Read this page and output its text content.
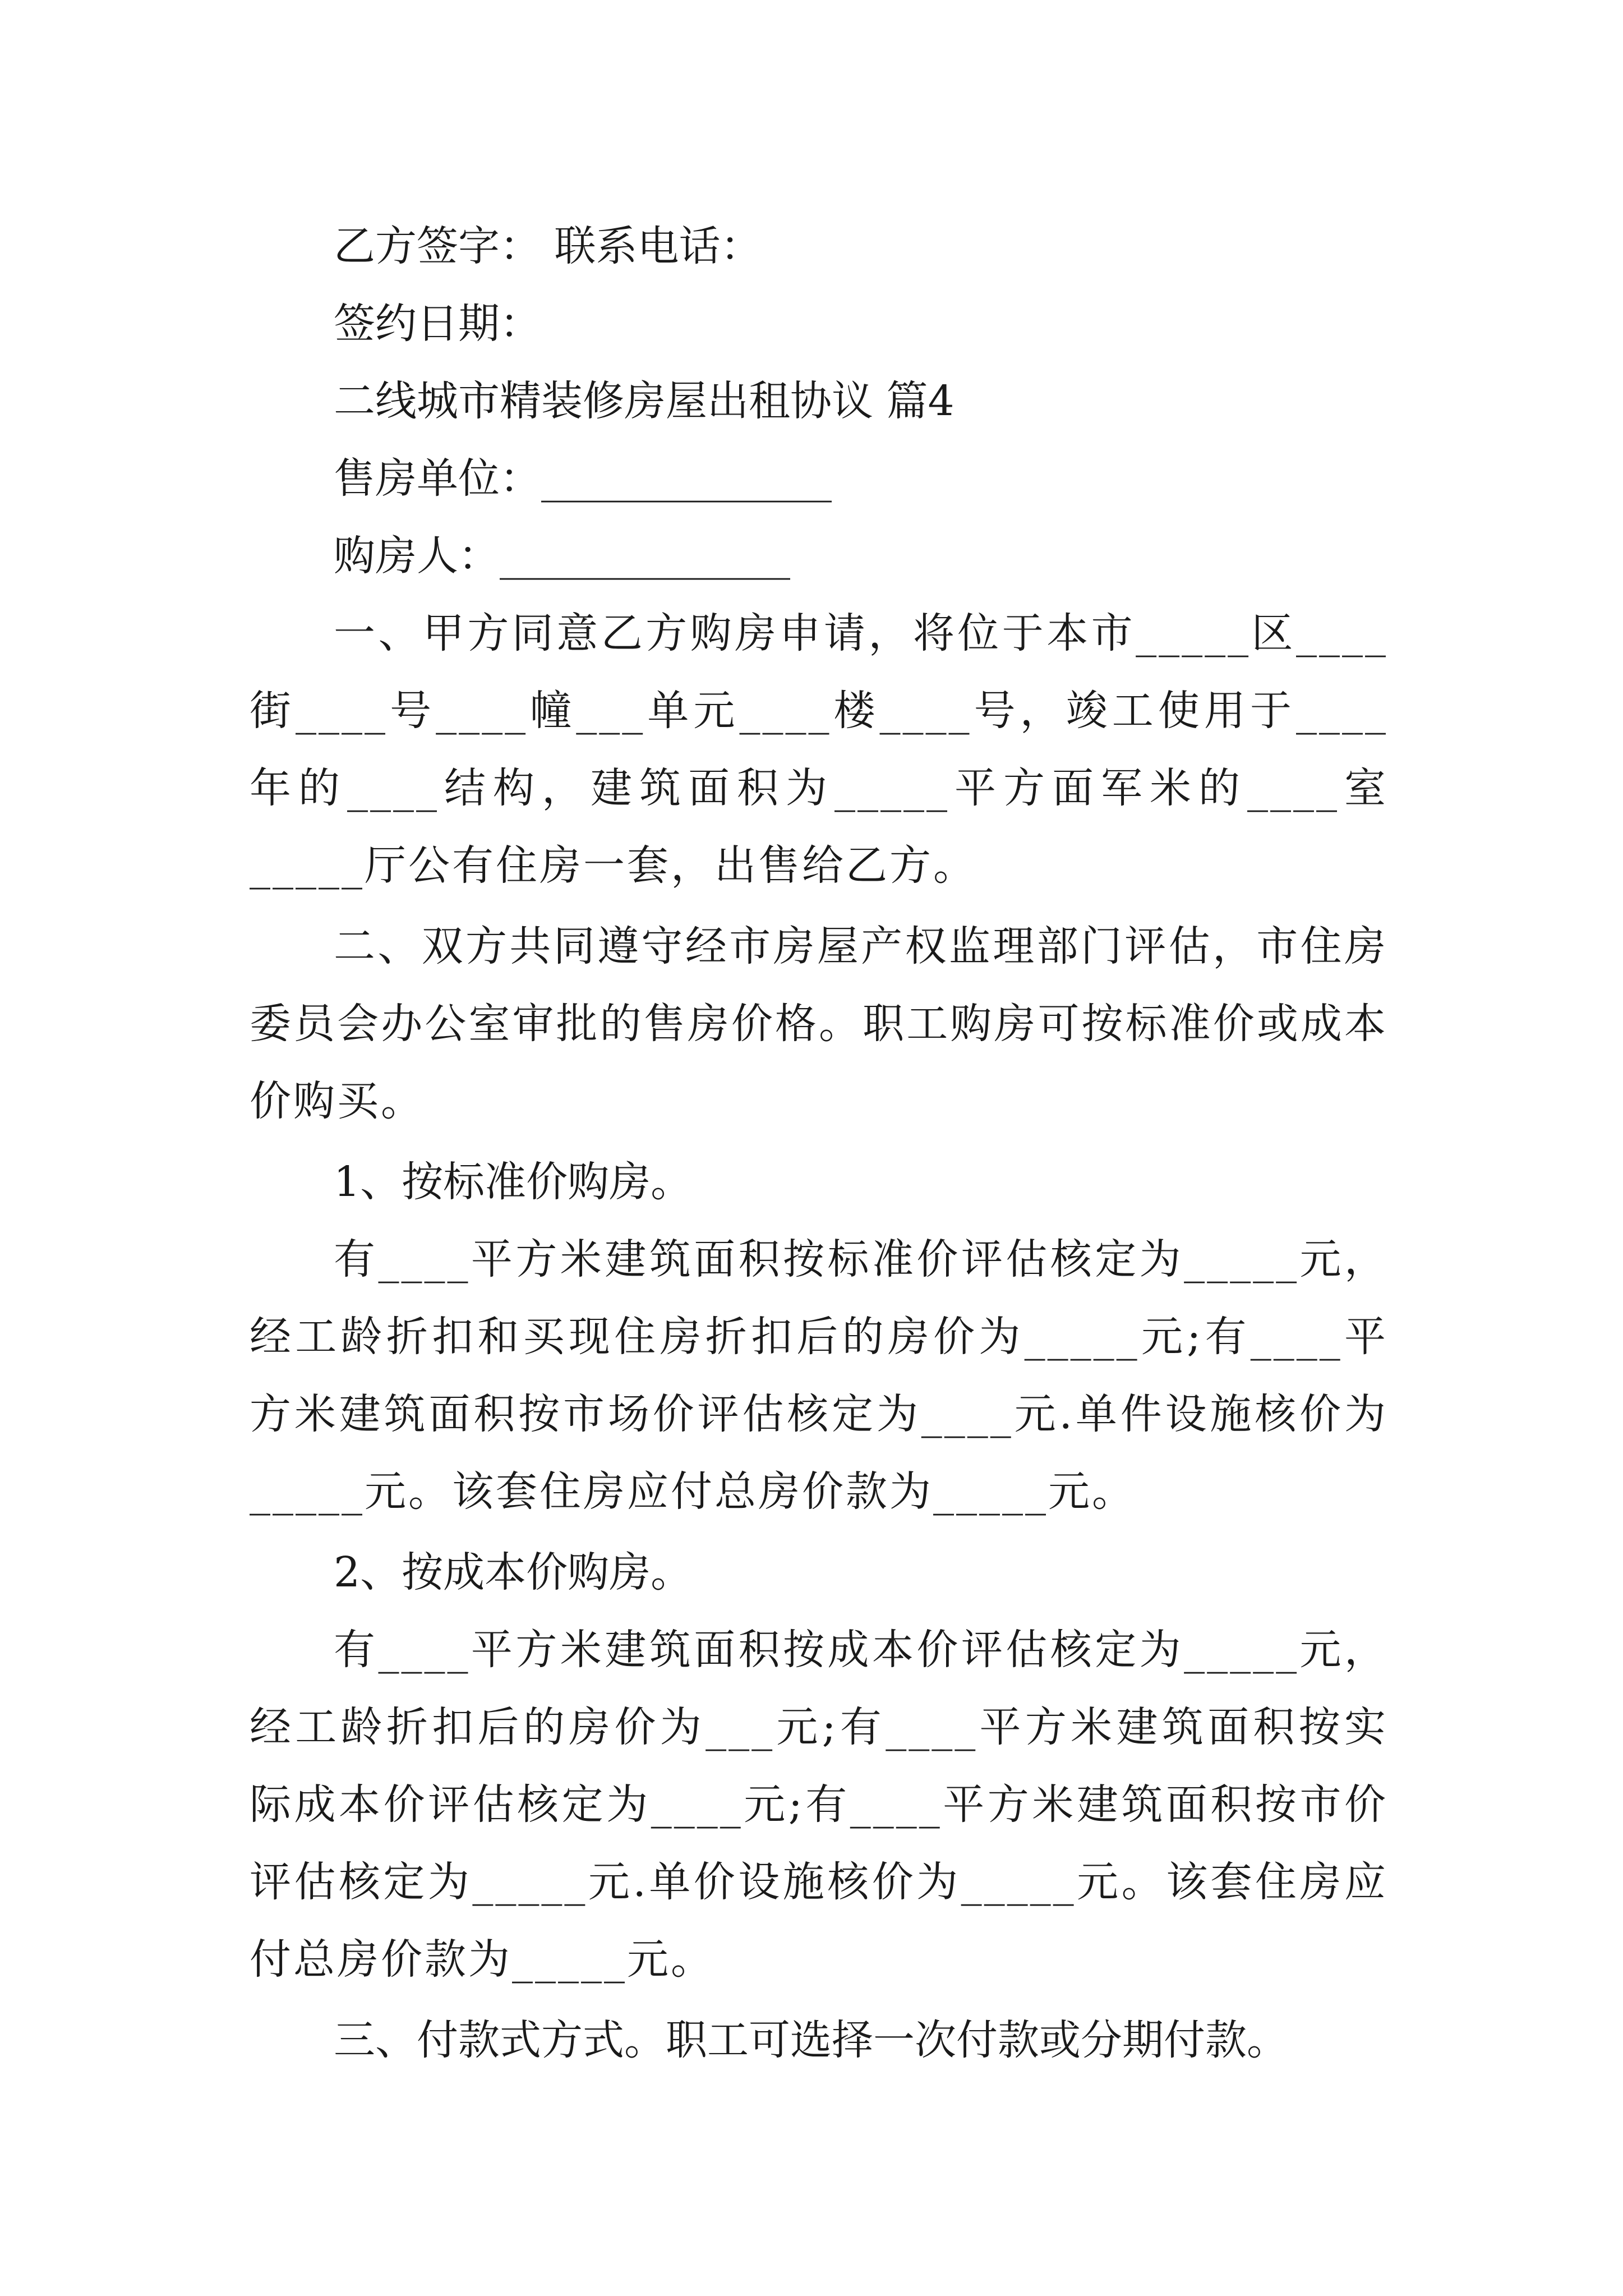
乙方签字： 联系电话：

签约日期：

二线城市精装修房屋出租协议 篇4

售房单位：______________

购房人：______________

一、甲方同意乙方购房申请，将位于本市_____区____街____号____幢___单元____楼____号，竣工使用于____年的____结构，建筑面积为_____平方面军米的____室_____厅公有住房一套，出售给乙方。

二、双方共同遵守经市房屋产权监理部门评估，市住房委员会办公室审批的售房价格。职工购房可按标准价或成本价购买。

1、按标准价购房。

有____平方米建筑面积按标准价评估核定为_____元，经工龄折扣和买现住房折扣后的房价为_____元;有____平方米建筑面积按市场价评估核定为____元.单件设施核价为_____元。该套住房应付总房价款为_____元。

2、按成本价购房。

有____平方米建筑面积按成本价评估核定为_____元，经工龄折扣后的房价为___元;有____平方米建筑面积按实际成本价评估核定为____元;有____平方米建筑面积按市价评估核定为_____元.单价设施核价为_____元。该套住房应付总房价款为_____元。

三、付款式方式。职工可选择一次付款或分期付款。
